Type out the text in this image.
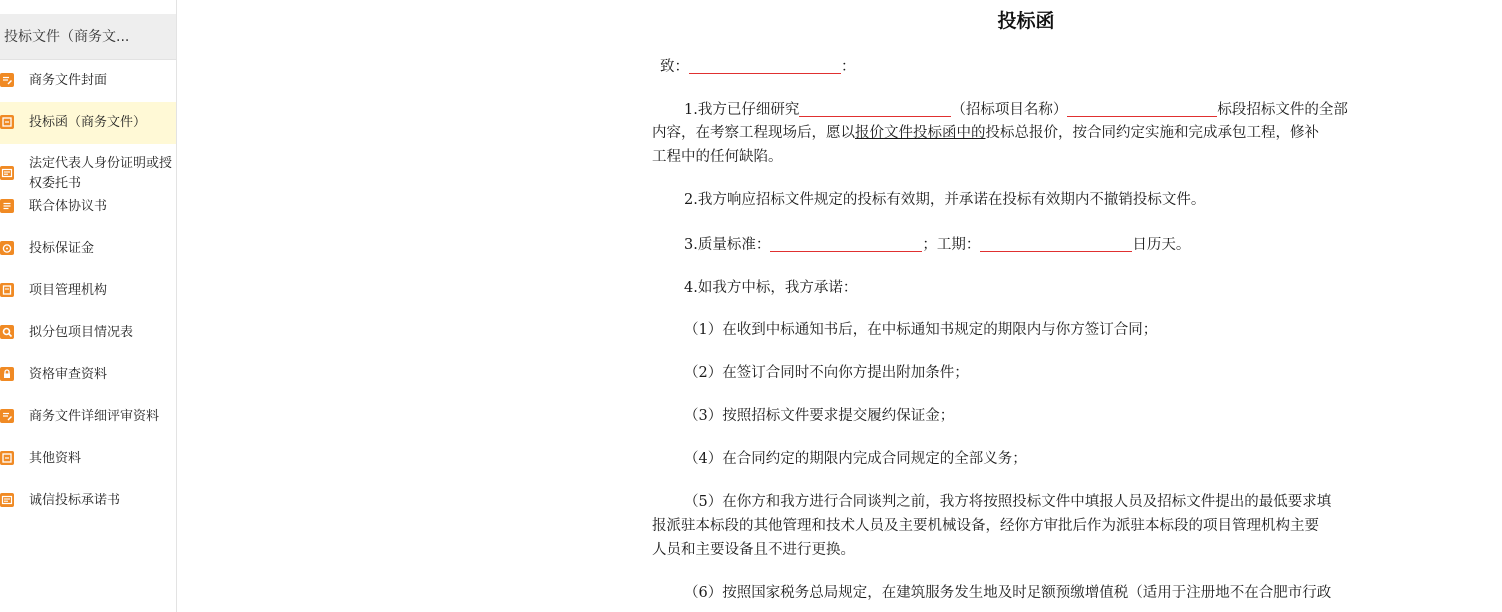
投标文件（商务文...
商务文件封面
投标函（商务文件）
法定代表人身份证明或授权委托书
联合体协议书
投标保证金
项目管理机构
拟分包项目情况表
资格审查资料
商务文件详细评审资料
其他资料
诚信投标承诺书
投标函
致：	：
1.我方已仔细研究	（招标项目名称）	标段招标文件的全部
内容，在考察工程现场后，愿以报价文件投标函中的投标总报价，按合同约定实施和完成承包工程，修补
工程中的任何缺陷。
2.我方响应招标文件规定的投标有效期，并承诺在投标有效期内不撤销投标文件。
3.质量标准：	；工期：	日历天。
4.如我方中标，我方承诺：
（1）在收到中标通知书后，在中标通知书规定的期限内与你方签订合同；
（2）在签订合同时不向你方提出附加条件；
（3）按照招标文件要求提交履约保证金；
（4）在合同约定的期限内完成合同规定的全部义务；
（5）在你方和我方进行合同谈判之前，我方将按照投标文件中填报人员及招标文件提出的最低要求填
报派驻本标段的其他管理和技术人员及主要机械设备，经你方审批后作为派驻本标段的项目管理机构主要
人员和主要设备且不进行更换。
（6）按照国家税务总局规定，在建筑服务发生地及时足额预缴增值税（适用于注册地不在合肥市行政
